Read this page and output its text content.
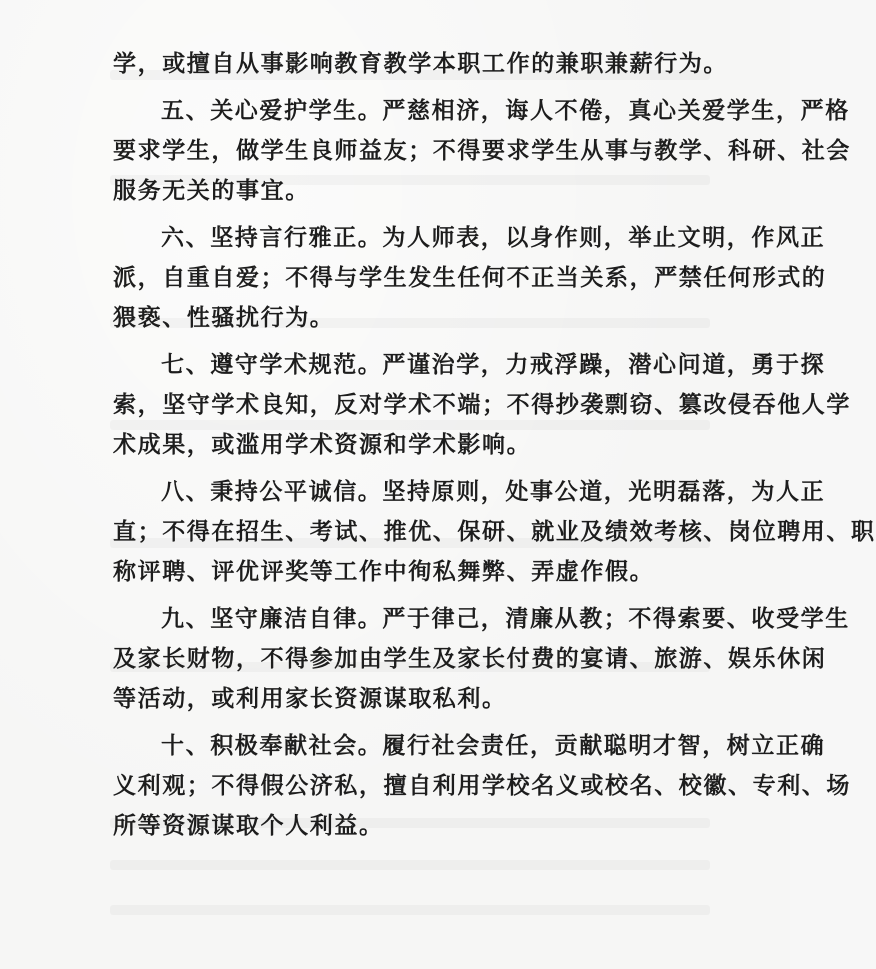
学，或擅自从事影响教育教学本职工作的兼职兼薪行为。
五、关心爱护学生。严慈相济，诲人不倦，真心关爱学生，严格
要求学生，做学生良师益友；不得要求学生从事与教学、科研、社会
服务无关的事宜。
六、坚持言行雅正。为人师表，以身作则，举止文明，作风正
派，自重自爱；不得与学生发生任何不正当关系，严禁任何形式的
猥亵、性骚扰行为。
七、遵守学术规范。严谨治学，力戒浮躁，潜心问道，勇于探
索，坚守学术良知，反对学术不端；不得抄袭剽窃、篡改侵吞他人学
术成果，或滥用学术资源和学术影响。
八、秉持公平诚信。坚持原则，处事公道，光明磊落，为人正
直；不得在招生、考试、推优、保研、就业及绩效考核、岗位聘用、职
称评聘、评优评奖等工作中徇私舞弊、弄虚作假。
九、坚守廉洁自律。严于律己，清廉从教；不得索要、收受学生
及家长财物，不得参加由学生及家长付费的宴请、旅游、娱乐休闲
等活动，或利用家长资源谋取私利。
十、积极奉献社会。履行社会责任，贡献聪明才智，树立正确
义利观；不得假公济私，擅自利用学校名义或校名、校徽、专利、场
所等资源谋取个人利益。
